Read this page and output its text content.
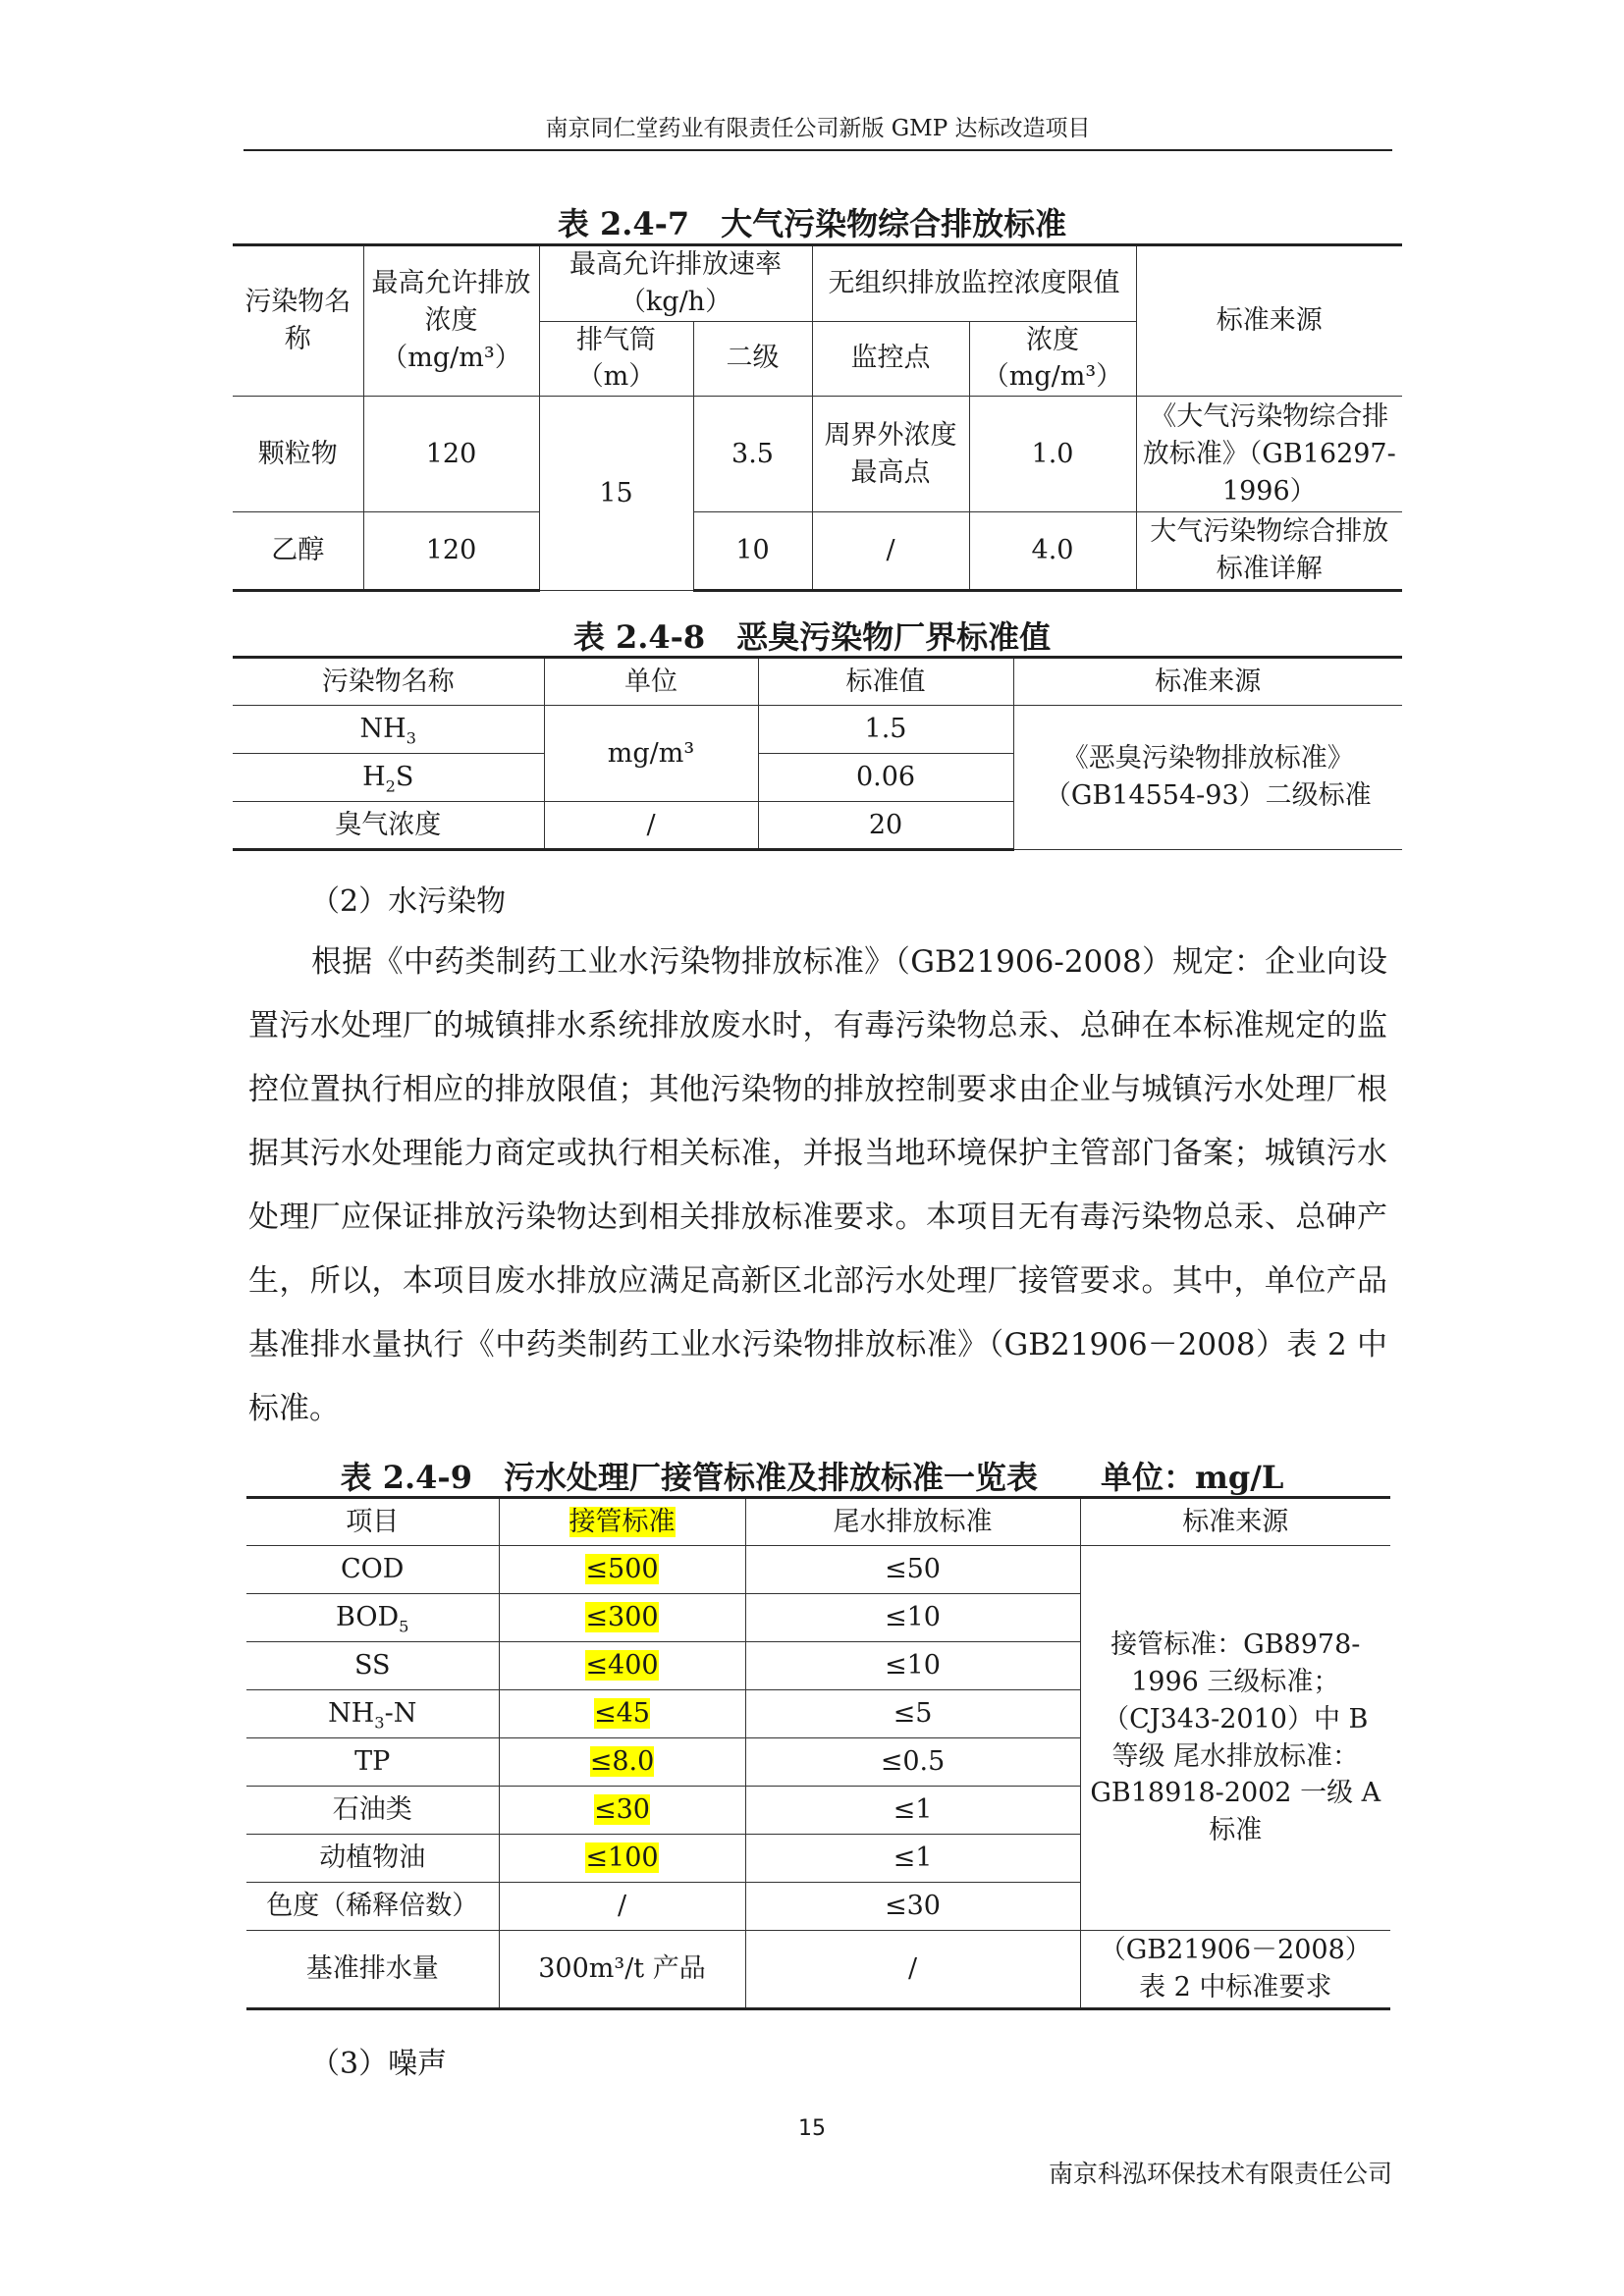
南京同仁堂药业有限责任公司新版 GMP 达标改造项目
表 2.4-7　大气污染物综合排放标准
污染物名称	最高允许排放浓度（mg/m³）	最高允许排放速率（kg/h）		无组织排放监控浓度限值		标准来源
		排气筒（m）	二级	监控点	浓度（mg/m³）	
颗粒物	120	15	3.5	周界外浓度最高点	1.0	《大气污染物综合排放标准》（GB16297-1996）
乙醇	120		10	/	4.0	大气污染物综合排放标准详解
表 2.4-8　恶臭污染物厂界标准值
污染物名称	单位	标准值	标准来源
$NH_3$	mg/m³	1.5	《恶臭污染物排放标准》（GB14554-93）二级标准
$H_2S$		0.06	
臭气浓度	/	20	
（2）水污染物

根据《中药类制药工业水污染物排放标准》（GB21906-2008）规定：企业向设置污水处理厂的城镇排水系统排放废水时，有毒污染物总汞、总砷在本标准规定的监控位置执行相应的排放限值；其他污染物的排放控制要求由企业与城镇污水处理厂根据其污水处理能力商定或执行相关标准，并报当地环境保护主管部门备案；城镇污水处理厂应保证排放污染物达到相关排放标准要求。本项目无有毒污染物总汞、总砷产生，所以，本项目废水排放应满足高新区北部污水处理厂接管要求。其中，单位产品基准排水量执行《中药类制药工业水污染物排放标准》（GB21906－2008）表 2 中标准。

表 2.4-9　污水处理厂接管标准及排放标准一览表　　单位：mg/L
项目	接管标准	尾水排放标准	标准来源
COD	≤500	≤50	接管标准：GB8978-1996 三级标准；（CJ343-2010）中 B 等级 尾水排放标准：GB18918-2002 一级 A 标准
$BOD_5$	≤300	≤10	
SS	≤400	≤10	
$NH_3-N$	≤45	≤5	
TP	≤8.0	≤0.5	
石油类	≤30	≤1	
动植物油	≤100	≤1	
色度（稀释倍数）	/	≤30	
基准排水量	300m³/t 产品	/	（GB21906－2008）表 2 中标准要求
（3）噪声
15
南京科泓环保技术有限责任公司
